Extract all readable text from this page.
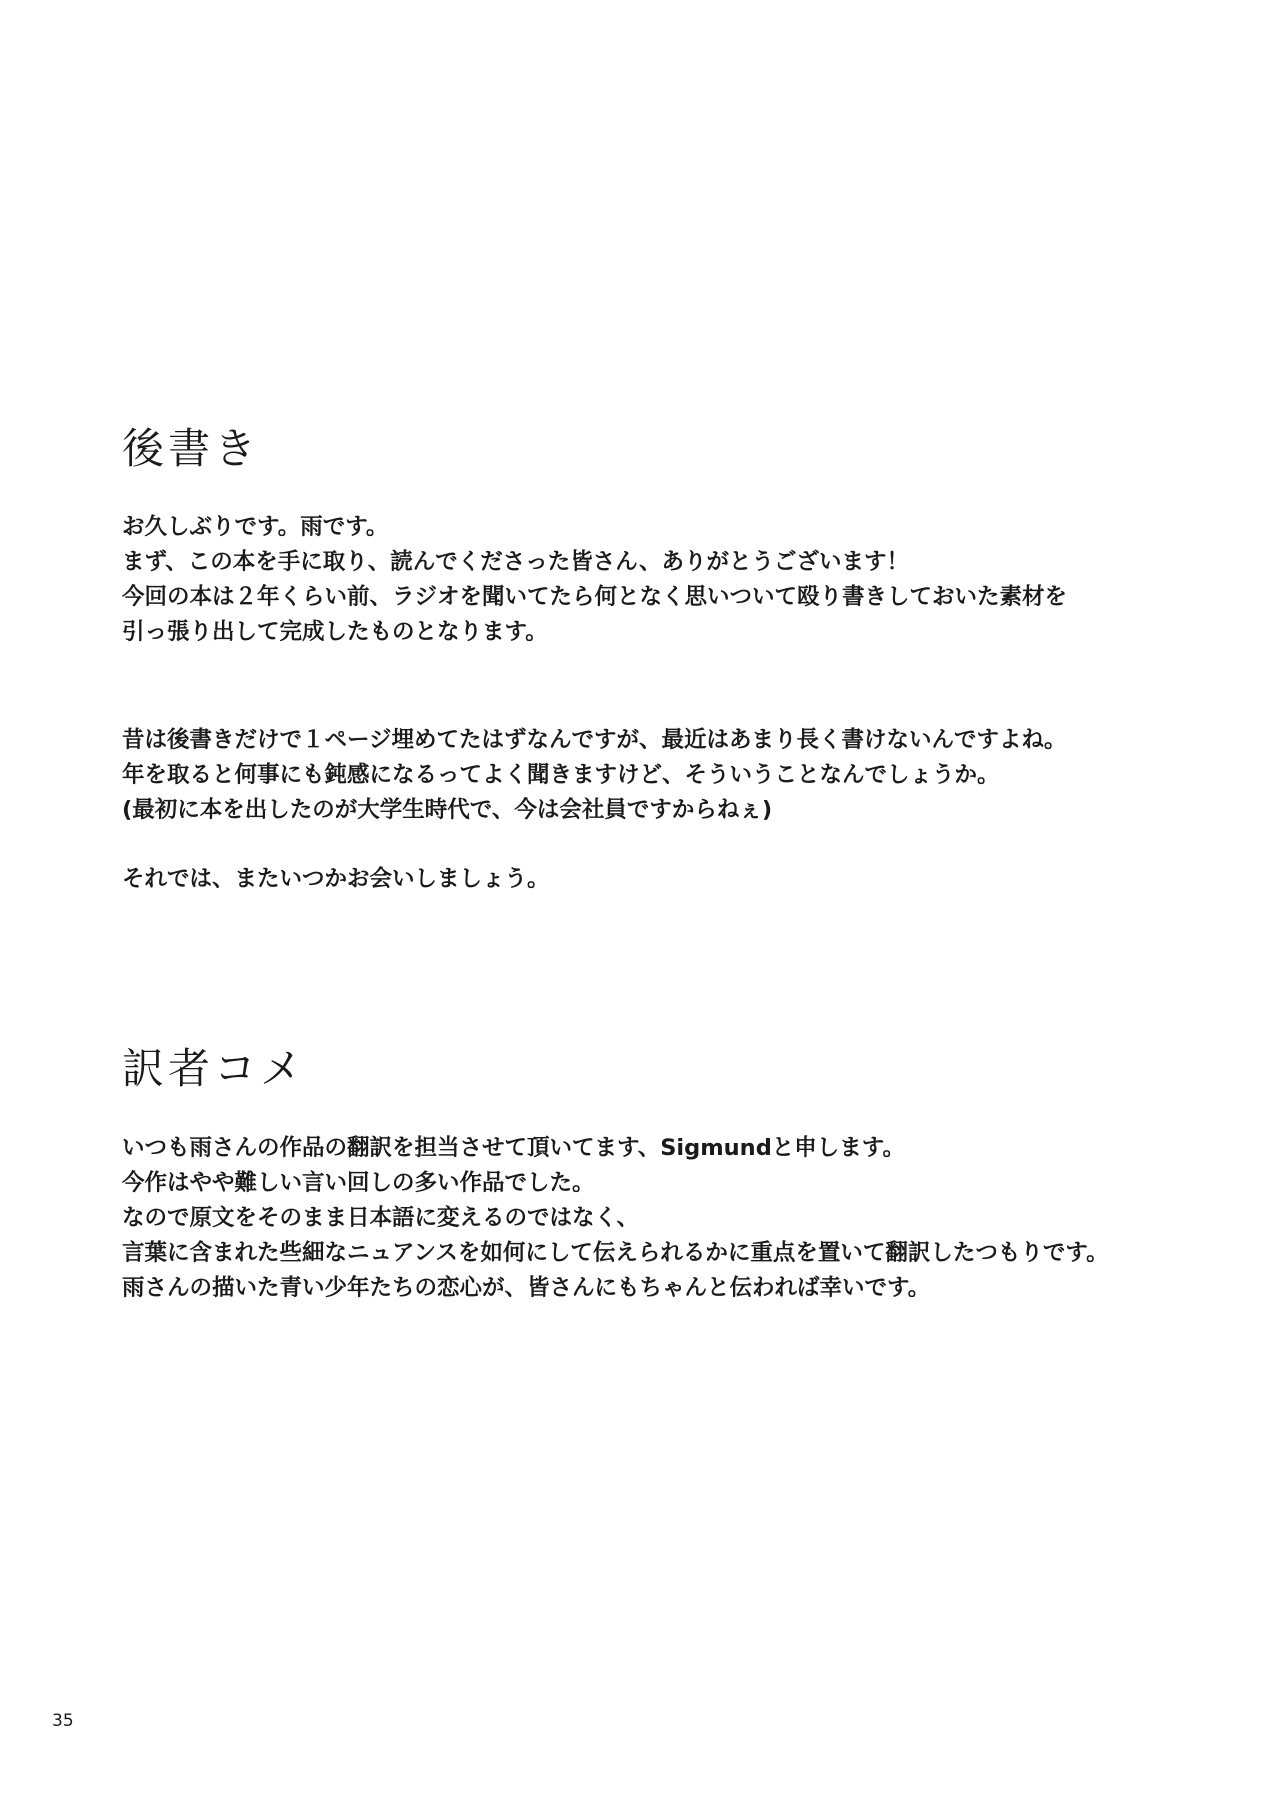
後書き

お久しぶりです。雨です。
まず、この本を手に取り、読んでくださった皆さん、ありがとうございます！
今回の本は２年くらい前、ラジオを聞いてたら何となく思いついて殴り書きしておいた素材を
引っ張り出して完成したものとなります。

昔は後書きだけで１ページ埋めてたはずなんですが、最近はあまり長く書けないんですよね。
年を取ると何事にも鈍感になるってよく聞きますけど、そういうことなんでしょうか。
(最初に本を出したのが大学生時代で、今は会社員ですからねぇ)

それでは、またいつかお会いしましょう。

訳者コメ

いつも雨さんの作品の翻訳を担当させて頂いてます、Sigmundと申します。
今作はやや難しい言い回しの多い作品でした。
なので原文をそのまま日本語に変えるのではなく、
言葉に含まれた些細なニュアンスを如何にして伝えられるかに重点を置いて翻訳したつもりです。
雨さんの描いた青い少年たちの恋心が、皆さんにもちゃんと伝われば幸いです。

35
